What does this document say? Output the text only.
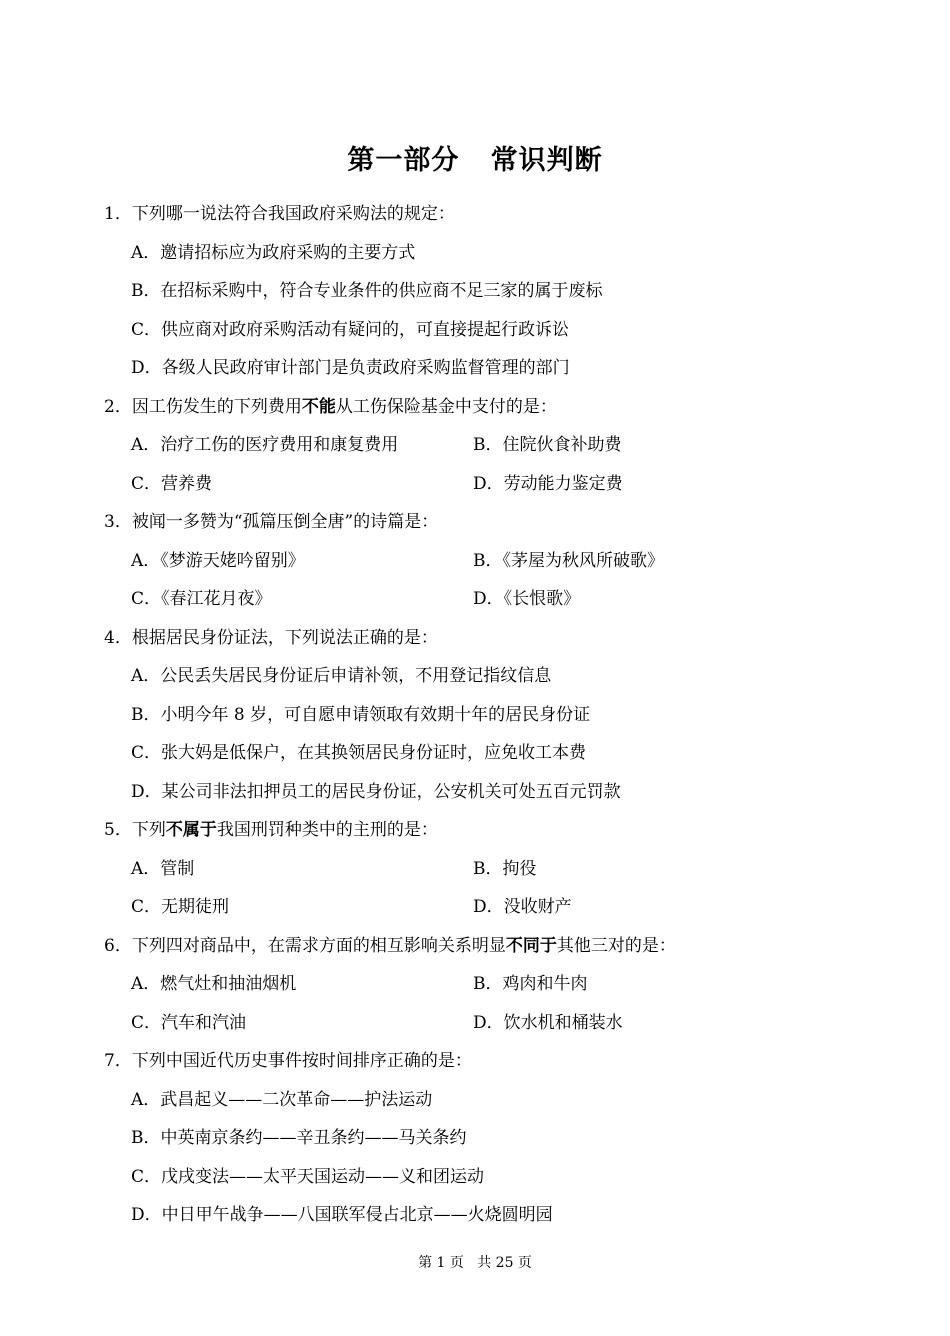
第一部分   常识判断
1．下列哪一说法符合我国政府采购法的规定：
A．邀请招标应为政府采购的主要方式
B．在招标采购中，符合专业条件的供应商不足三家的属于废标
C．供应商对政府采购活动有疑问的，可直接提起行政诉讼
D．各级人民政府审计部门是负责政府采购监督管理的部门
2．因工伤发生的下列费用不能从工伤保险基金中支付的是：
A．治疗工伤的医疗费用和康复费用	B．住院伙食补助费
C．营养费	D．劳动能力鉴定费
3．被闻一多赞为“孤篇压倒全唐”的诗篇是：
A．《梦游天姥吟留别》	B．《茅屋为秋风所破歌》
C．《春江花月夜》	D．《长恨歌》
4．根据居民身份证法，下列说法正确的是：
A．公民丢失居民身份证后申请补领，不用登记指纹信息
B．小明今年 8 岁，可自愿申请领取有效期十年的居民身份证
C．张大妈是低保户，在其换领居民身份证时，应免收工本费
D．某公司非法扣押员工的居民身份证，公安机关可处五百元罚款
5．下列不属于我国刑罚种类中的主刑的是：
A．管制	B．拘役
C．无期徒刑	D．没收财产
6．下列四对商品中，在需求方面的相互影响关系明显不同于其他三对的是：
A．燃气灶和抽油烟机	B．鸡肉和牛肉
C．汽车和汽油	D．饮水机和桶装水
7．下列中国近代历史事件按时间排序正确的是：
A．武昌起义——二次革命——护法运动
B．中英南京条约——辛丑条约——马关条约
C．戊戌变法——太平天国运动——义和团运动
D．中日甲午战争——八国联军侵占北京——火烧圆明园
第 1 页   共 25 页
